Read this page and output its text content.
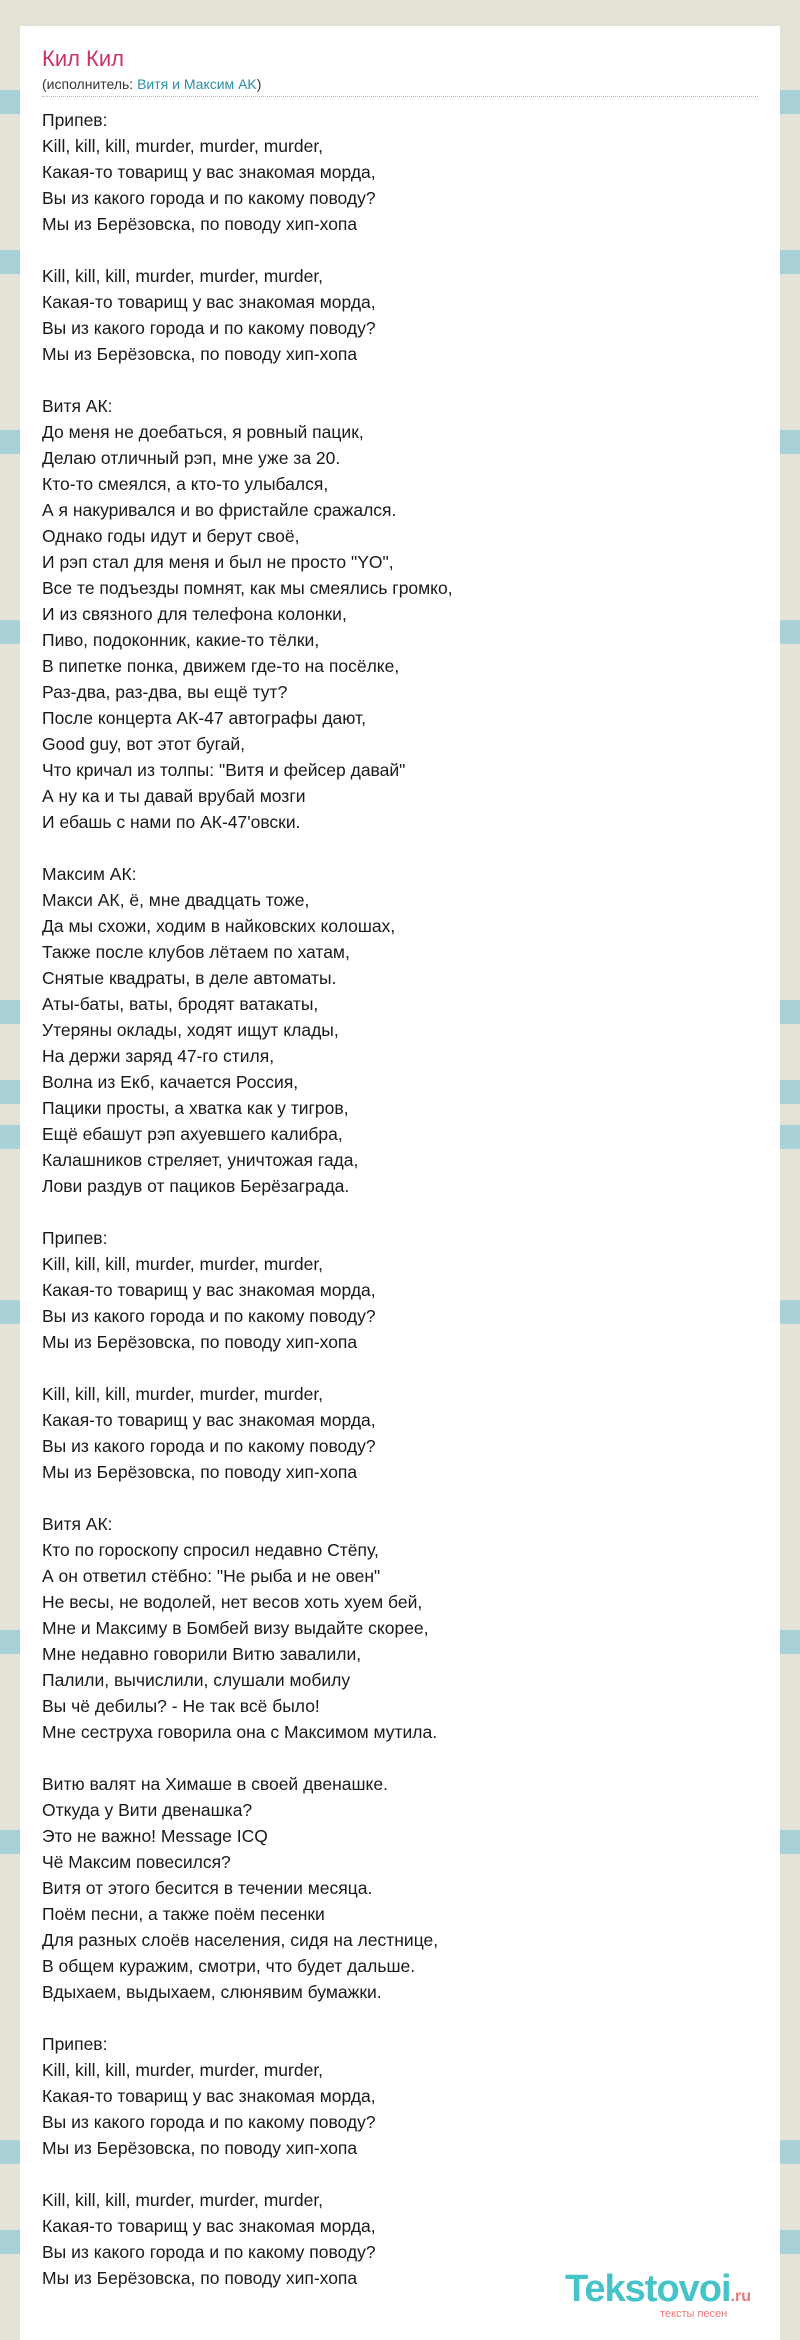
Кил Кил
(исполнитель: Витя и Максим AK)
Припев:
Kill, kill, kill, murder, murder, murder,
Какая-то товарищ у вас знакомая морда,
Вы из какого города и по какому поводу?
Мы из Берёзовска, по поводу хип-хопа
Kill, kill, kill, murder, murder, murder,
Какая-то товарищ у вас знакомая морда,
Вы из какого города и по какому поводу?
Мы из Берёзовска, по поводу хип-хопа
Витя АК:
До меня не доебаться, я ровный пацик,
Делаю отличный рэп, мне уже за 20.
Кто-то смеялся, а кто-то улыбался,
А я накуривался и во фристайле сражался.
Однако годы идут и берут своё,
И рэп стал для меня и был не просто "YO",
Все те подъезды помнят, как мы смеялись громко,
И из связного для телефона колонки,
Пиво, подоконник, какие-то тёлки,
В пипетке понка, движем где-то на посёлке,
Раз-два, раз-два, вы ещё тут?
После концерта АК-47 автографы дают,
Good guy, вот этот бугай,
Что кричал из толпы: "Витя и фейсер давай"
А ну ка и ты давай врубай мозги
И ебашь с нами по АК-47'овски.
Максим АК:
Макси АК, ё, мне двадцать тоже,
Да мы схожи, ходим в найковских колошах,
Также после клубов лётаем по хатам,
Снятые квадраты, в деле автоматы.
Аты-баты, ваты, бродят ватакаты,
Утеряны оклады, ходят ищут клады,
На держи заряд 47-го стиля,
Волна из Екб, качается Россия,
Пацики просты, а хватка как у тигров,
Ещё ебашут рэп ахуевшего калибра,
Калашников стреляет, уничтожая гада,
Лови раздув от пациков Берёзаграда.
Припев:
Kill, kill, kill, murder, murder, murder,
Какая-то товарищ у вас знакомая морда,
Вы из какого города и по какому поводу?
Мы из Берёзовска, по поводу хип-хопа
Kill, kill, kill, murder, murder, murder,
Какая-то товарищ у вас знакомая морда,
Вы из какого города и по какому поводу?
Мы из Берёзовска, по поводу хип-хопа
Витя АК:
Кто по гороскопу спросил недавно Стёпу,
А он ответил стёбно: "Не рыба и не овен"
Не весы, не водолей, нет весов хоть хуем бей,
Мне и Максиму в Бомбей визу выдайте скорее,
Мне недавно говорили Витю завалили,
Палили, вычислили, слушали мобилу
Вы чё дебилы? - Не так всё было!
Мне сеструха говорила она с Максимом мутила.
Витю валят на Химаше в своей двенашке.
Откуда у Вити двенашка?
Это не важно! Message ICQ
Чё Максим повесился?
Витя от этого бесится в течении месяца.
Поём песни, а также поём песенки
Для разных слоёв населения, сидя на лестнице,
В общем куражим, смотри, что будет дальше.
Вдыхаем, выдыхаем, слюнявим бумажки.
Припев:
Kill, kill, kill, murder, murder, murder,
Какая-то товарищ у вас знакомая морда,
Вы из какого города и по какому поводу?
Мы из Берёзовска, по поводу хип-хопа
Kill, kill, kill, murder, murder, murder,
Какая-то товарищ у вас знакомая морда,
Вы из какого города и по какому поводу?
Мы из Берёзовска, по поводу хип-хопа	Tekstovoi.ru
тексты песен
